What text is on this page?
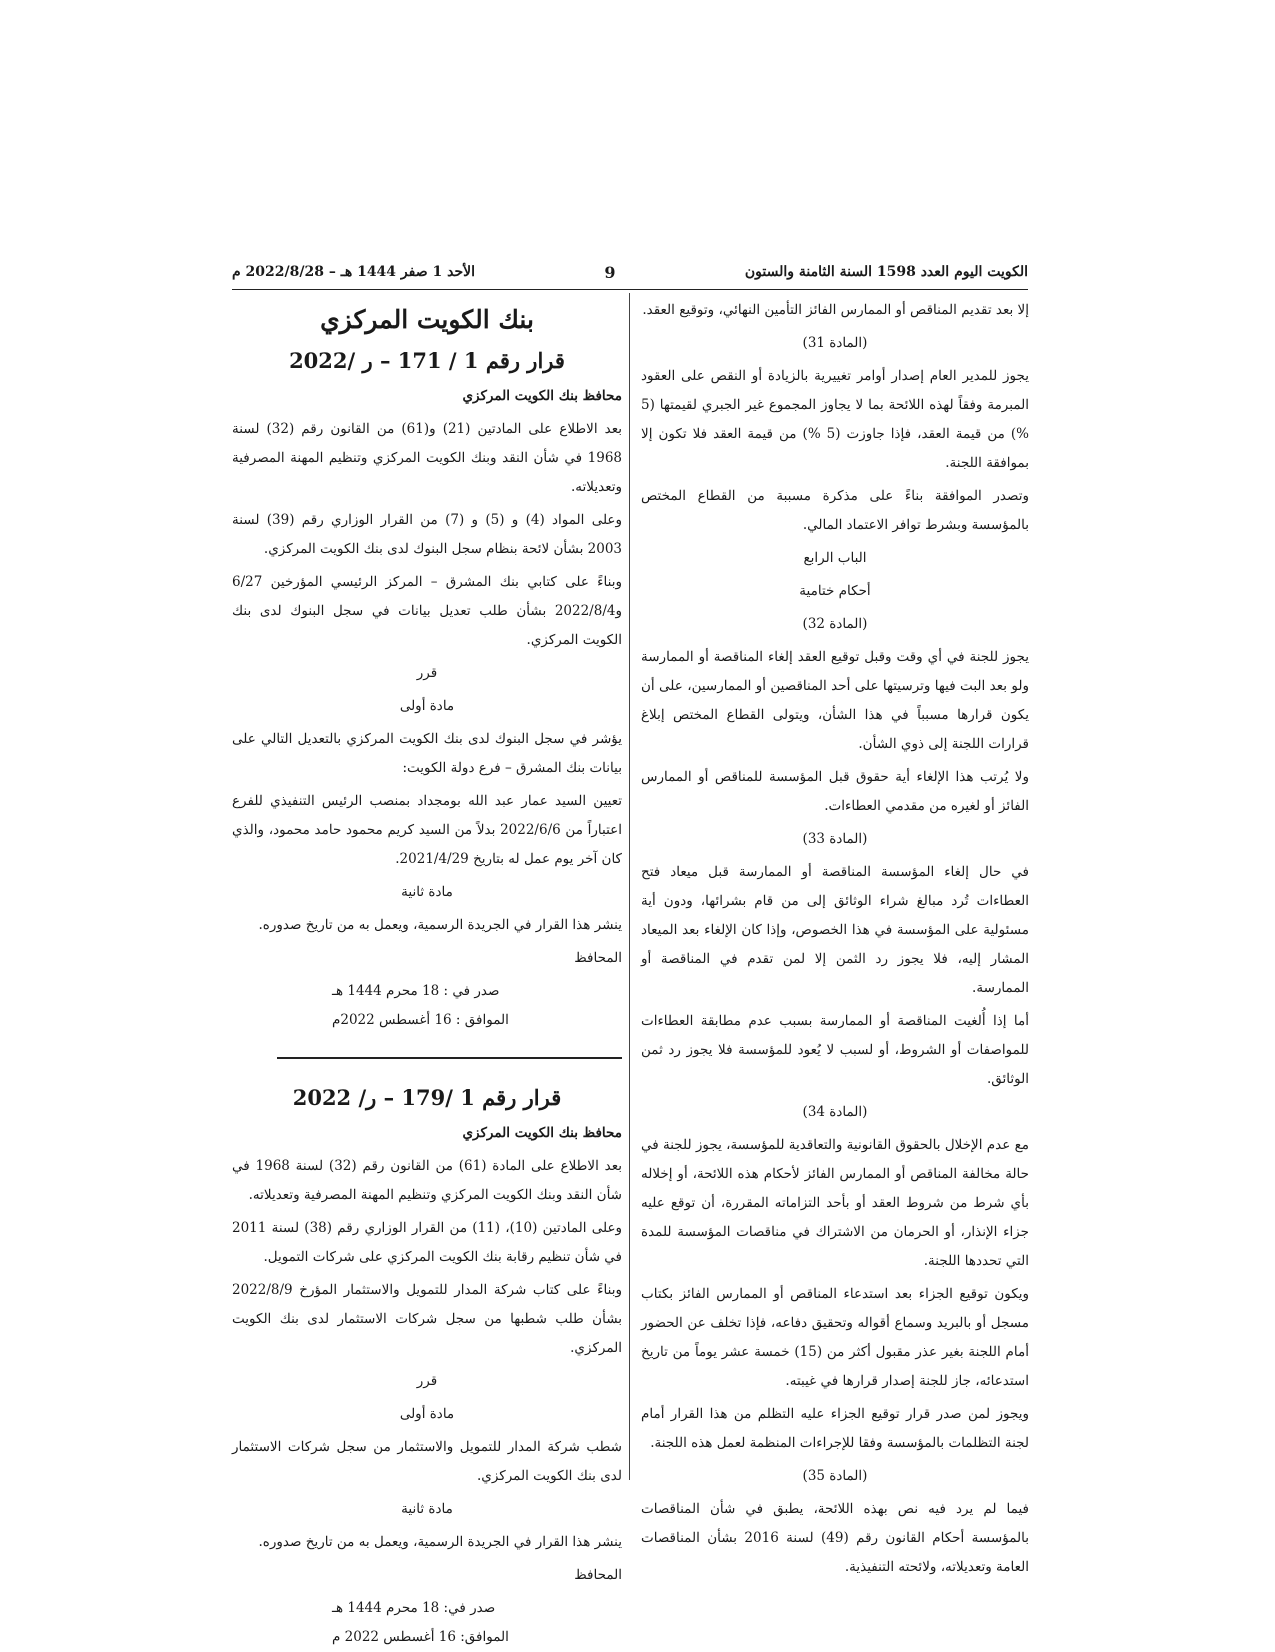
الكويت اليوم العدد 1598 السنة الثامنة والستون
9
الأحد 1 صفر 1444 هـ – 2022/8/28 م

إلا بعد تقديم المناقص أو الممارس الفائز التأمين النهائي، وتوقيع العقد.

(المادة 31)

يجوز للمدير العام إصدار أوامر تغييرية بالزيادة أو النقص على العقود المبرمة وفقاً لهذه اللائحة بما لا يجاوز المجموع غير الجبري لقيمتها (5 %) من قيمة العقد، فإذا جاوزت (5 %) من قيمة العقد فلا تكون إلا بموافقة اللجنة.

وتصدر الموافقة بناءً على مذكرة مسببة من القطاع المختص بالمؤسسة وبشرط توافر الاعتماد المالي.

الباب الرابع

أحكام ختامية

(المادة 32)

يجوز للجنة في أي وقت وقبل توقيع العقد إلغاء المناقصة أو الممارسة ولو بعد البت فيها وترسيتها على أحد المناقصين أو الممارسين، على أن يكون قرارها مسبباً في هذا الشأن، ويتولى القطاع المختص إبلاغ قرارات اللجنة إلى ذوي الشأن.

ولا يُرتب هذا الإلغاء أية حقوق قبل المؤسسة للمناقص أو الممارس الفائز أو لغيره من مقدمي العطاءات.

(المادة 33)

في حال إلغاء المؤسسة المناقصة أو الممارسة قبل ميعاد فتح العطاءات تُرد مبالغ شراء الوثائق إلى من قام بشرائها، ودون أية مسئولية على المؤسسة في هذا الخصوص، وإذا كان الإلغاء بعد الميعاد المشار إليه، فلا يجوز رد الثمن إلا لمن تقدم في المناقصة أو الممارسة.

أما إذا أُلغيت المناقصة أو الممارسة بسبب عدم مطابقة العطاءات للمواصفات أو الشروط، أو لسبب لا يُعود للمؤسسة فلا يجوز رد ثمن الوثائق.

(المادة 34)

مع عدم الإخلال بالحقوق القانونية والتعاقدية للمؤسسة، يجوز للجنة في حالة مخالفة المناقص أو الممارس الفائز لأحكام هذه اللائحة، أو إخلاله بأي شرط من شروط العقد أو بأحد التزاماته المقررة، أن توقع عليه جزاء الإنذار، أو الحرمان من الاشتراك في مناقصات المؤسسة للمدة التي تحددها اللجنة.

ويكون توقيع الجزاء بعد استدعاء المناقص أو الممارس الفائز بكتاب مسجل أو بالبريد وسماع أقواله وتحقيق دفاعه، فإذا تخلف عن الحضور أمام اللجنة بغير عذر مقبول أكثر من (15) خمسة عشر يوماً من تاريخ استدعائه، جاز للجنة إصدار قرارها في غيبته.

ويجوز لمن صدر قرار توقيع الجزاء عليه التظلم من هذا القرار أمام لجنة التظلمات بالمؤسسة وفقا للإجراءات المنظمة لعمل هذه اللجنة.

(المادة 35)

فيما لم يرد فيه نص بهذه اللائحة، يطبق في شأن المناقصات بالمؤسسة أحكام القانون رقم (49) لسنة 2016 بشأن المناقصات العامة وتعديلاته، ولائحته التنفيذية.

بنك الكويت المركزي

قرار رقم 1 / 171 – ر /2022

محافظ بنك الكويت المركزي

بعد الاطلاع على المادتين (21) و(61) من القانون رقم (32) لسنة 1968 في شأن النقد وبنك الكويت المركزي وتنظيم المهنة المصرفية وتعديلاته.

وعلى المواد (4) و (5) و (7) من القرار الوزاري رقم (39) لسنة 2003 بشأن لائحة بنظام سجل البنوك لدى بنك الكويت المركزي.

وبناءً على كتابي بنك المشرق – المركز الرئيسي المؤرخين 6/27 و2022/8/4 بشأن طلب تعديل بيانات في سجل البنوك لدى بنك الكويت المركزي.

قرر

مادة أولى

يؤشر في سجل البنوك لدى بنك الكويت المركزي بالتعديل التالي على بيانات بنك المشرق – فرع دولة الكويت:

تعيين السيد عمار عبد الله بومجداد بمنصب الرئيس التنفيذي للفرع اعتباراً من 2022/6/6 بدلاً من السيد كريم محمود حامد محمود، والذي كان آخر يوم عمل له بتاريخ 2021/4/29.

مادة ثانية

ينشر هذا القرار في الجريدة الرسمية، ويعمل به من تاريخ صدوره.

المحافظ

صدر في : 18 محرم 1444 هـ

الموافق : 16 أغسطس 2022م

قرار رقم 1 /179 – ر/ 2022

محافظ بنك الكويت المركزي

بعد الاطلاع على المادة (61) من القانون رقم (32) لسنة 1968 في شأن النقد وبنك الكويت المركزي وتنظيم المهنة المصرفية وتعديلاته.

وعلى المادتين (10)، (11) من القرار الوزاري رقم (38) لسنة 2011 في شأن تنظيم رقابة بنك الكويت المركزي على شركات التمويل.

وبناءً على كتاب شركة المدار للتمويل والاستثمار المؤرخ 2022/8/9 بشأن طلب شطبها من سجل شركات الاستثمار لدى بنك الكويت المركزي.

قرر

مادة أولى

شطب شركة المدار للتمويل والاستثمار من سجل شركات الاستثمار لدى بنك الكويت المركزي.

مادة ثانية

ينشر هذا القرار في الجريدة الرسمية، ويعمل به من تاريخ صدوره.

المحافظ

صدر في: 18 محرم 1444 هـ

الموافق: 16 أغسطس 2022 م
